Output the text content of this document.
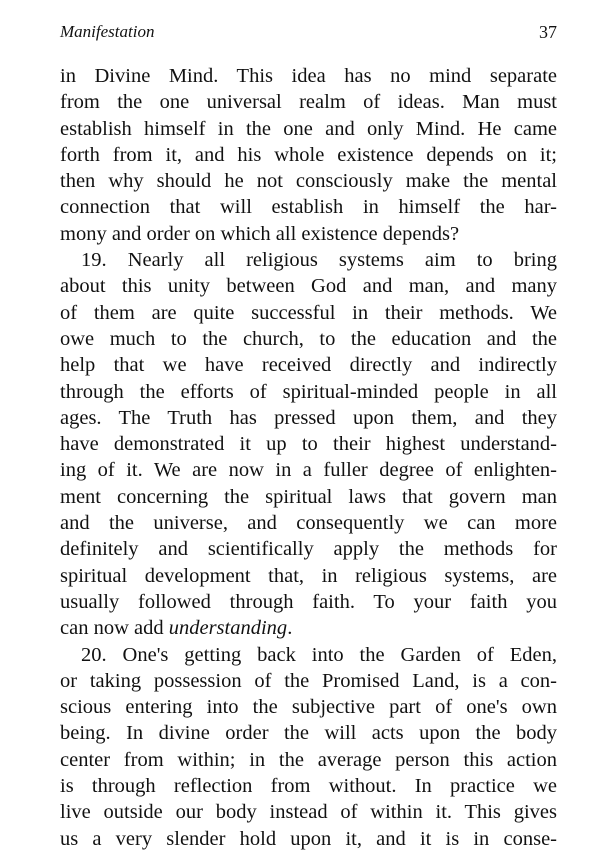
Manifestation	37
in Divine Mind. This idea has no mind separate
from the one universal realm of ideas. Man must
establish himself in the one and only Mind. He came
forth from it, and his whole existence depends on it;
then why should he not consciously make the mental
connection that will establish in himself the har-
mony and order on which all existence depends?
19. Nearly all religious systems aim to bring
about this unity between God and man, and many
of them are quite successful in their methods. We
owe much to the church, to the education and the
help that we have received directly and indirectly
through the efforts of spiritual-minded people in all
ages. The Truth has pressed upon them, and they
have demonstrated it up to their highest understand-
ing of it. We are now in a fuller degree of enlighten-
ment concerning the spiritual laws that govern man
and the universe, and consequently we can more
definitely and scientifically apply the methods for
spiritual development that, in religious systems, are
usually followed through faith. To your faith you
can now add understanding.
20. One's getting back into the Garden of Eden,
or taking possession of the Promised Land, is a con-
scious entering into the subjective part of one's own
being. In divine order the will acts upon the body
center from within; in the average person this action
is through reflection from without. In practice we
live outside our body instead of within it. This gives
us a very slender hold upon it, and it is in conse-
